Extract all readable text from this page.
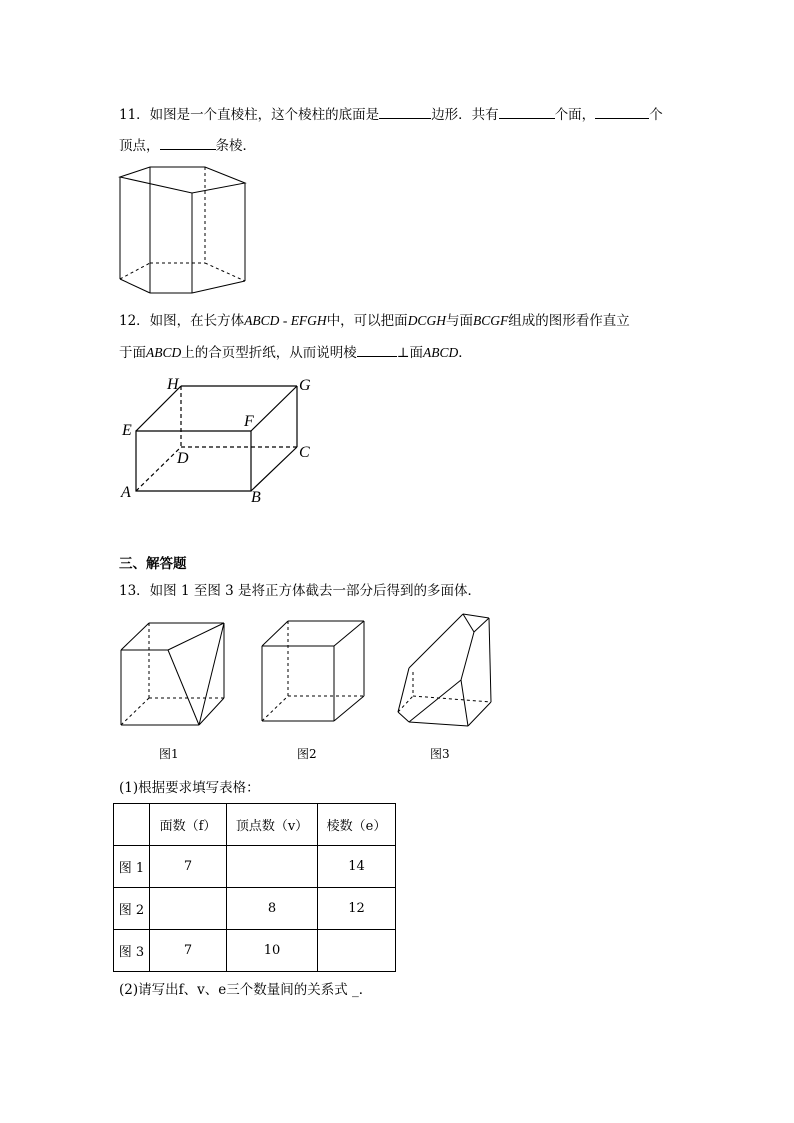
11．如图是一个直棱柱，这个棱柱的底面是	边形．共有	个面，	个
顶点，	条棱．
12．如图，在长方体ABCD - EFGH中，可以把面DCGH与面BCGF组成的图形看作直立
于面ABCD上的合页型折纸，从而说明棱	⊥面ABCD．
H	G
E
F
D	C
A	B
三、解答题
13．如图 1 至图 3 是将正方体截去一部分后得到的多面体．
图1	图2	图3
(1)根据要求填写表格：
	面数（f）	顶点数（v）	棱数（e）
图 1	7		14
图 2		8	12
图 3	7	10	
(2)请写出f、v、e三个数量间的关系式 _．
